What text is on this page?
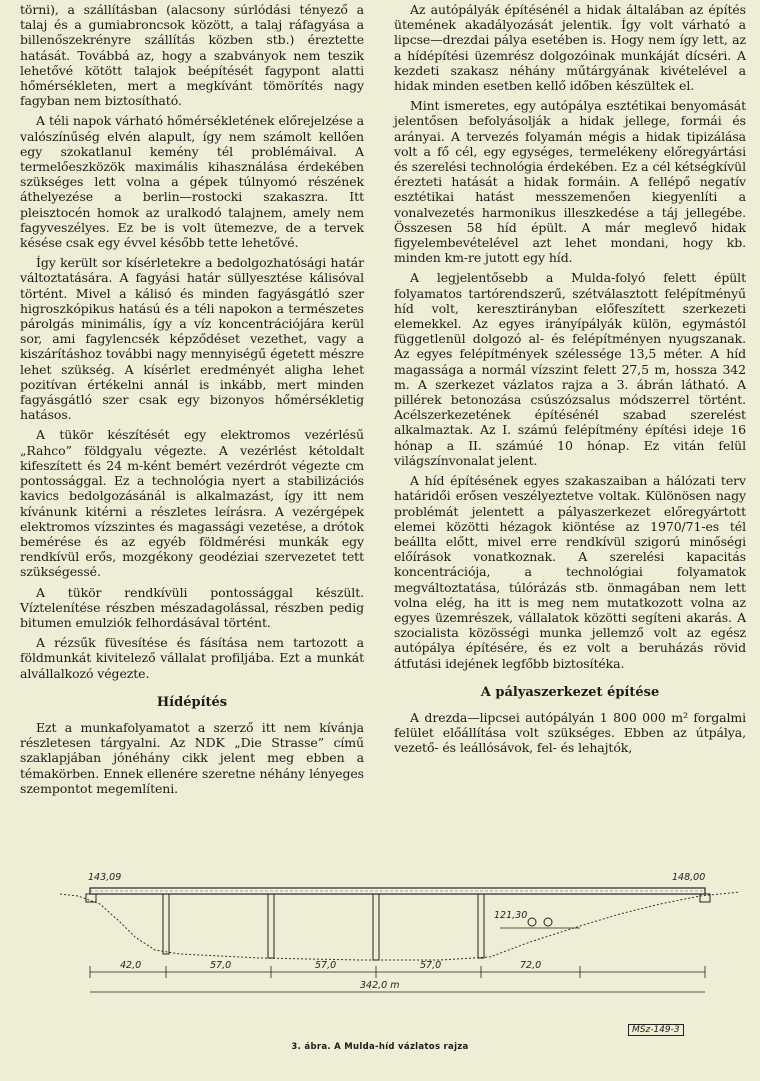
törni), a szállításban (alacsony súrlódási tényező a talaj és a gumiabroncsok között, a talaj ráfagyása a billenőszekrényre szállítás közben stb.) éreztette hatását. Továbbá az, hogy a szabványok nem teszik lehetővé kötött talajok beépítését fagypont alatti hőmérsékleten, mert a megkívánt tömörítés nagy fagyban nem biztosítható.

A téli napok várható hőmérsékletének előrejelzése a valószínűség elvén alapult, így nem számolt kellően egy szokatlanul kemény tél problémáival. A termelőeszközök maximális kihasználása érdekében szükséges lett volna a gépek túlnyomó részének áthelyezése a berlin—rostocki szakaszra. Itt pleisztocén homok az uralkodó talajnem, amely nem fagyveszélyes. Ez be is volt ütemezve, de a tervek késése csak egy évvel később tette lehetővé.

Így került sor kísérletekre a bedolgozhatósági határ változtatására. A fagyási határ süllyesztése kálisóval történt. Mivel a kálisó és minden fagyásgátló szer higroszkópikus hatású és a téli napokon a természetes párolgás minimális, így a víz koncentrációjára kerül sor, ami fagylencsék képződéset vezethet, vagy a kiszárításhoz további nagy mennyiségű égetett mészre lehet szükség. A kísérlet eredményét aligha lehet pozitívan értékelni annál is inkább, mert minden fagyásgátló szer csak egy bizonyos hőmérsékletig hatásos.

A tükör készítését egy elektromos vezérlésű „Rahco” földgyalu végezte. A vezérlést kétoldalt kifeszített és 24 m-ként bemért vezérdrót végezte cm pontossággal. Ez a technológia nyert a stabilizációs kavics bedolgozásánál is alkalmazást, így itt nem kívánunk kitérni a részletes leírásra. A vezérgépek elektromos vízszintes és magassági vezetése, a drótok bemérése és az egyéb földmérési munkák egy rendkívül erős, mozgékony geodéziai szervezetet tett szükségessé.

A tükör rendkívüli pontossággal készült. Víztelenítése részben mészadagolással, részben pedig bitumen emulziók felhordásával történt.

A rézsűk füvesítése és fásítása nem tartozott a földmunkát kivitelező vállalat profiljába. Ezt a munkát alvállalkozó végezte.

Hídépítés

Ezt a munkafolyamatot a szerző itt nem kívánja részletesen tárgyalni. Az NDK „Die Strasse” című szaklapjában jónéhány cikk jelent meg ebben a témakörben. Ennek ellenére szeretne néhány lényeges szempontot megemlíteni.

Az autópályák építésénél a hidak általában az építés ütemének akadályozását jelentik. Így volt várható a lipcse—drezdai pálya esetében is. Hogy nem így lett, az a hídépítési üzemrész dolgozóinak munkáját dícséri. A kezdeti szakasz néhány műtárgyának kivételével a hidak minden esetben kellő időben készültek el.

Mint ismeretes, egy autópálya esztétikai benyomását jelentősen befolyásolják a hidak jellege, formái és arányai. A tervezés folyamán mégis a hidak tipizálása volt a fő cél, egy egységes, termelékeny előregyártási és szerelési technológia érdekében. Ez a cél kétségkívül érezteti hatását a hidak formáin. A fellépő negatív esztétikai hatást messzemenően kiegyenlíti a vonalvezetés harmonikus illeszkedése a táj jellegébe. Összesen 58 híd épült. A már meglevő hidak figyelembevételével azt lehet mondani, hogy kb. minden km-re jutott egy híd.

A legjelentősebb a Mulda-folyó felett épült folyamatos tartórendszerű, szétválasztott felépítményű híd volt, keresztirányban előfeszített szerkezeti elemekkel. Az egyes irányípályák külön, egymástól függetlenül dolgozó al- és felépítményen nyugszanak. Az egyes felépítmények szélessége 13,5 méter. A híd magassága a normál vízszint felett 27,5 m, hossza 342 m. A szerkezet vázlatos rajza a 3. ábrán látható. A pillérek betonozása csúszózsalus módszerrel történt. Acélszerkezetének építésénél szabad szerelést alkalmaztak. Az I. számú felépítmény építési ideje 16 hónap a II. számúé 10 hónap. Ez vitán felül világszínvonalat jelent.

A híd építésének egyes szakaszaiban a hálózati terv határidői erősen veszélyeztetve voltak. Különösen nagy problémát jelentett a pályaszerkezet előregyártott elemei közötti hézagok kiöntése az 1970/71-es tél beállta előtt, mivel erre rendkívül szigorú minőségi előírások vonatkoznak. A szerelési kapacitás koncentrációja, a technológiai folyamatok megváltoztatása, túlórázás stb. önmagában nem lett volna elég, ha itt is meg nem mutatkozott volna az egyes üzemrészek, vállalatok közötti segíteni akarás. A szocialista közösségi munka jellemző volt az egész autópálya építésére, és ez volt a beruházás rövid átfutási idejének legfőbb biztosítéka.

A pályaszerkezet építése

A drezda—lipcsei autópályán 1 800 000 m² forgalmi felület előállítása volt szükséges. Ebben az útpálya, vezető- és leállósávok, fel- és lehajtók,

143,09	148,00
121,30
42,0	57,0	57,0	57,0	72,0
342,0 m
MSz-149-3
3. ábra. A Mulda-híd vázlatos rajza
